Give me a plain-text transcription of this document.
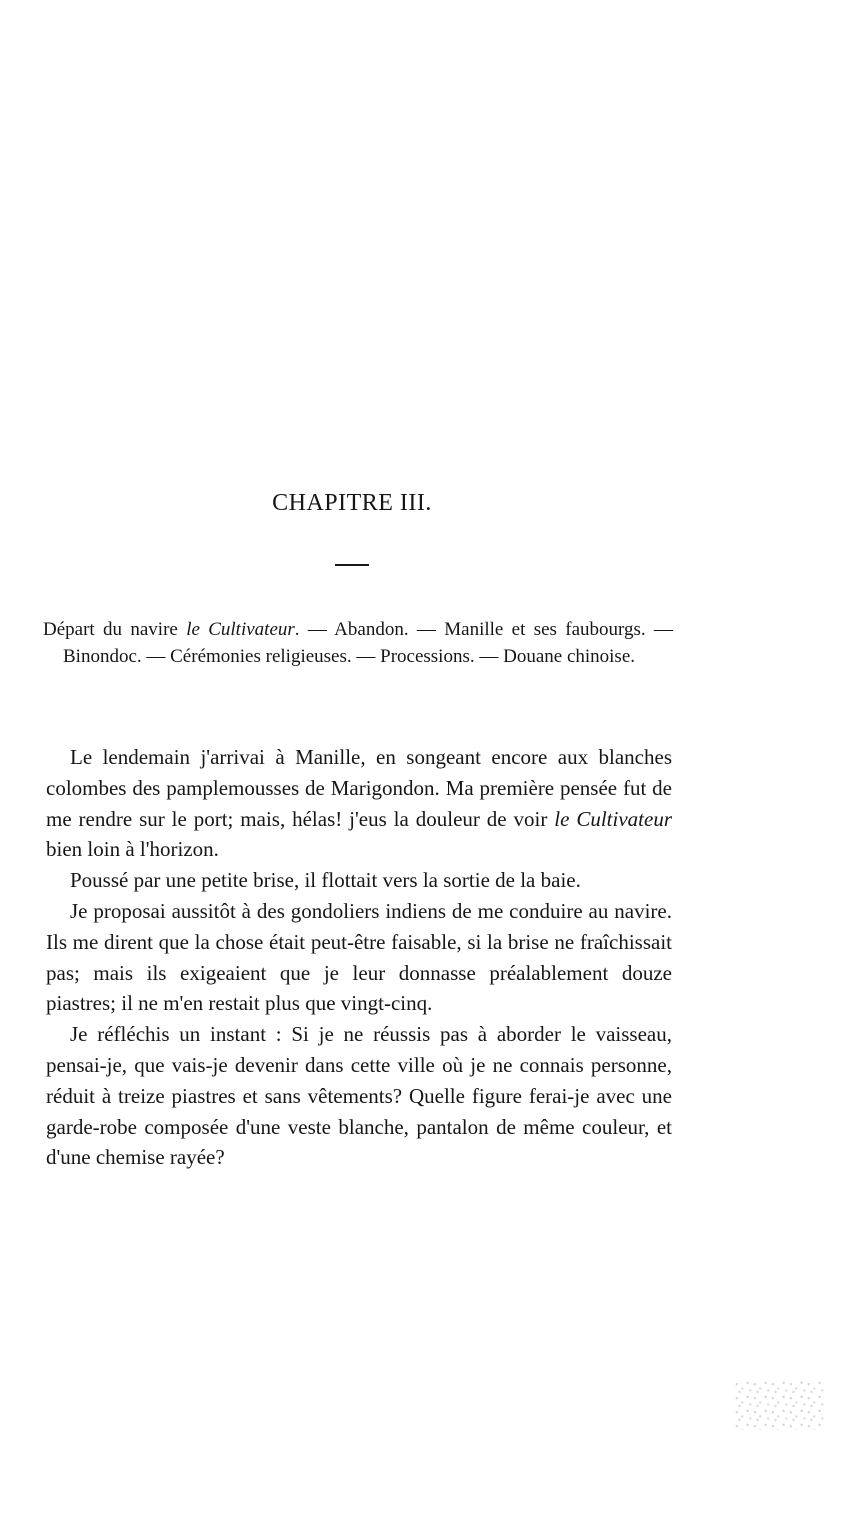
CHAPITRE III.

Départ du navire le Cultivateur. — Abandon. — Manille et ses faubourgs. — Binondoc. — Cérémonies religieuses. — Processions. — Douane chinoise.

Le lendemain j'arrivai à Manille, en songeant encore aux blanches colombes des pamplemousses de Marigondon. Ma première pensée fut de me rendre sur le port; mais, hélas! j'eus la douleur de voir le Cultivateur bien loin à l'horizon.

Poussé par une petite brise, il flottait vers la sortie de la baie.

Je proposai aussitôt à des gondoliers indiens de me conduire au navire. Ils me dirent que la chose était peut-être faisable, si la brise ne fraîchissait pas; mais ils exigeaient que je leur donnasse préalablement douze piastres; il ne m'en restait plus que vingt-cinq.

Je réfléchis un instant : Si je ne réussis pas à aborder le vaisseau, pensai-je, que vais-je devenir dans cette ville où je ne connais personne, réduit à treize piastres et sans vêtements? Quelle figure ferai-je avec une garde-robe composée d'une veste blanche, pantalon de même couleur, et d'une chemise rayée?
